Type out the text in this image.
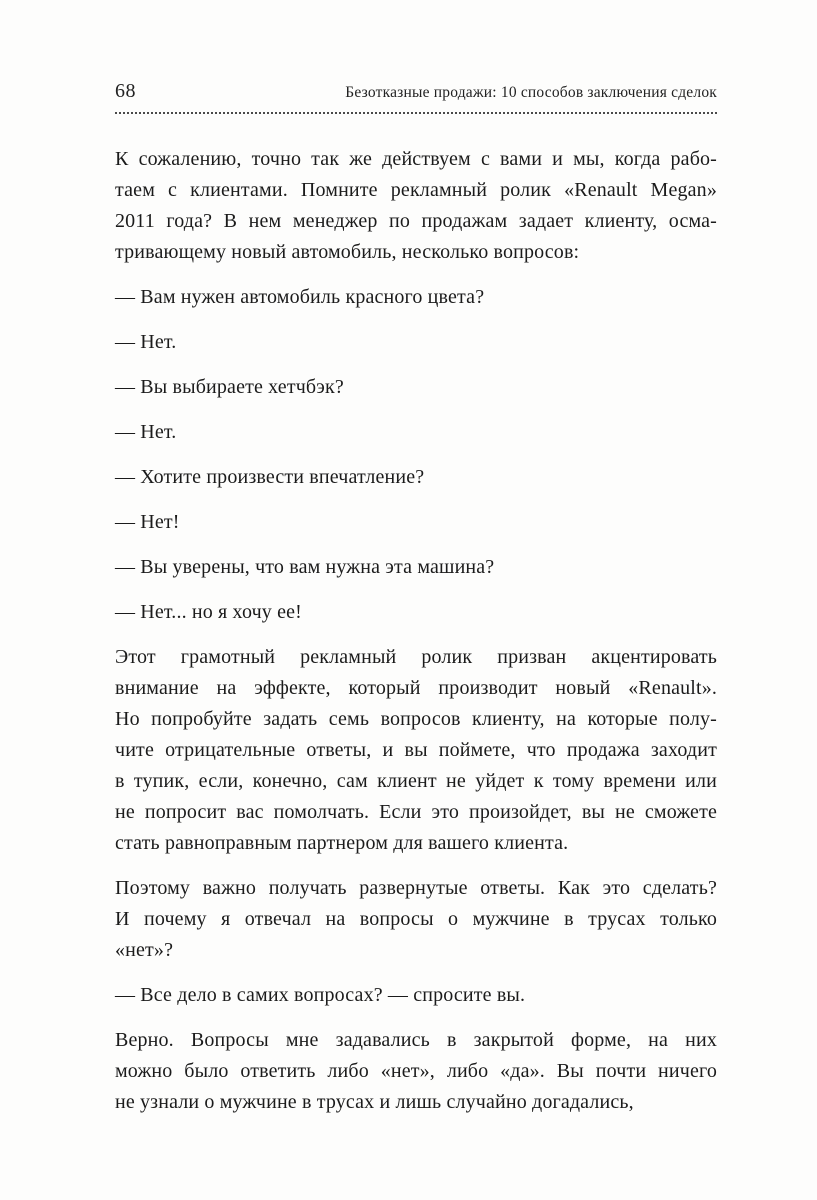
68	Безотказные продажи: 10 способов заключения сделок

К сожалению, точно так же действуем с вами и мы, когда рабо-
таем с клиентами. Помните рекламный ролик «Renault Megan»
2011 года? В нем менеджер по продажам задает клиенту, осма-
тривающему новый автомобиль, несколько вопросов:

— Вам нужен автомобиль красного цвета?

— Нет.

— Вы выбираете хетчбэк?

— Нет.

— Хотите произвести впечатление?

— Нет!

— Вы уверены, что вам нужна эта машина?

— Нет... но я хочу ее!

Этот грамотный рекламный ролик призван акцентировать
внимание на эффекте, который производит новый «Renault».
Но попробуйте задать семь вопросов клиенту, на которые полу-
чите отрицательные ответы, и вы поймете, что продажа заходит
в тупик, если, конечно, сам клиент не уйдет к тому времени или
не попросит вас помолчать. Если это произойдет, вы не сможете
стать равноправным партнером для вашего клиента.

Поэтому важно получать развернутые ответы. Как это сделать?
И почему я отвечал на вопросы о мужчине в трусах только
«нет»?

— Все дело в самих вопросах? — спросите вы.

Верно. Вопросы мне задавались в закрытой форме, на них
можно было ответить либо «нет», либо «да». Вы почти ничего
не узнали о мужчине в трусах и лишь случайно догадались,
